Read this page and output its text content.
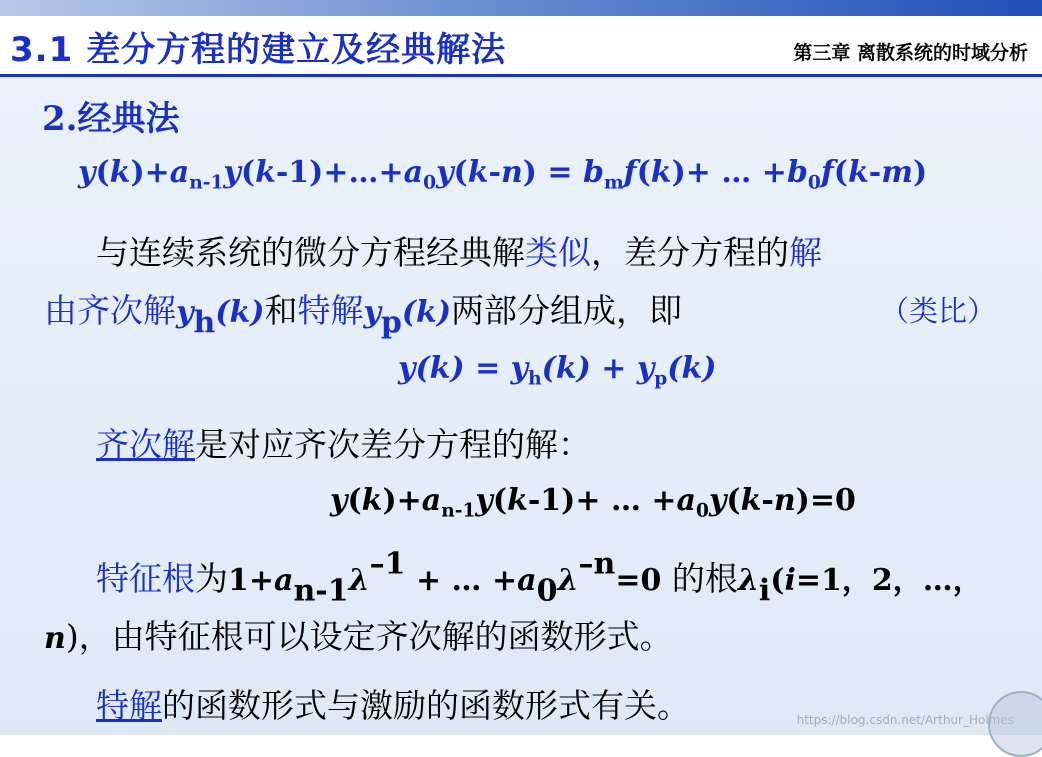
3.1 差分方程的建立及经典解法	第三章 离散系统的时域分析
2.经典法
$y(k)+a_{n-1}y(k-1)+\dots+a_0y(k-n) = b_mf(k)+$ … $+b_0f(k-m)$
与连续系统的微分方程经典解类似，差分方程的解
由齐次解$y_h(k)$和特解$y_p(k)$两部分组成，即	（类比）
$y(k) = y_h(k) + y_p(k)$
齐次解是对应齐次差分方程的解：
$y(k)+a_{n-1}y(k-1)+$ … $+a_0y(k-n)=0$
特征根为$1+a_{n-1}\lambda^{-1}$ + … $+a_0\lambda^{-n}=0$ 的根$\lambda_i(i=1$，2，…，
n)，由特征根可以设定齐次解的函数形式。
特解的函数形式与激励的函数形式有关。	https://blog.csdn.net/Arthur_Holmes
